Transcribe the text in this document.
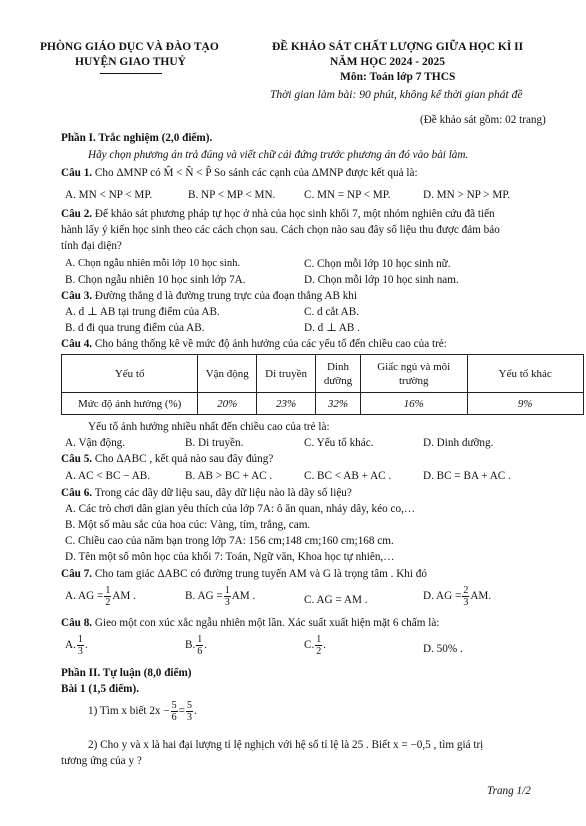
PHÒNG GIÁO DỤC VÀ ĐÀO TẠO
HUYỆN GIAO THUỶ
ĐỀ KHẢO SÁT CHẤT LƯỢNG GIỮA HỌC KÌ II
NĂM HỌC 2024 - 2025
Môn: Toán lớp 7 THCS
Thời gian làm bài: 90 phút, không kể thời gian phát đề
(Đề khảo sát gồm: 02 trang)
Phần I. Trắc nghiệm (2,0 điểm).
Hãy chọn phương án trả đúng và viết chữ cái đứng trước phương án đó vào bài làm.
Câu 1. Cho ΔMNP có M̂ < N̂ < P̂ So sánh các cạnh của ΔMNP được kết quả là:
A. MN < NP < MP.	B. NP < MP < MN.	C. MN = NP < MP.	D. MN > NP > MP.
Câu 2. Để khảo sát phương pháp tự học ở nhà của học sinh khối 7, một nhóm nghiên cứu đã tiến
hành lấy ý kiến học sinh theo các cách chọn sau. Cách chọn nào sau đây số liệu thu được đảm bảo
tính đại diện?
A. Chọn ngẫu nhiên mỗi lớp 10 học sinh.	C. Chọn mỗi lớp 10 học sinh nữ.
B. Chọn ngẫu nhiên 10 học sinh lớp 7A.	D. Chọn mỗi lớp 10 học sinh nam.
Câu 3. Đường thẳng d là đường trung trực của đoạn thẳng AB khi
A. d ⊥ AB tại trung điểm của AB.	C. d cắt AB.
B. d đi qua trung điểm của AB.	D. d ⊥ AB .
Câu 4. Cho bảng thống kê về mức độ ảnh hưởng của các yếu tố đến chiều cao của trẻ:
Yếu tố	Vận động	Di truyền	Dinh dưỡng	Giấc ngủ và môi trường	Yếu tố khác
Mức độ ảnh hưởng (%)	20%	23%	32%	16%	9%
Yếu tố ảnh hưởng nhiều nhất đến chiều cao của trẻ là:
A. Vận động.	B. Di truyền.	C. Yếu tố khác.	D. Dinh dưỡng.
Câu 5. Cho ΔABC , kết quả nào sau đây đúng?
A. AC < BC − AB.	B. AB > BC + AC .	C. BC < AB + AC .	D. BC = BA + AC .
Câu 6. Trong các dãy dữ liệu sau, dãy dữ liệu nào là dãy số liệu?
A. Các trò chơi dân gian yêu thích của lớp 7A: ô ăn quan, nhảy dây, kéo co,…
B. Một số màu sắc của hoa cúc: Vàng, tím, trắng, cam.
C. Chiều cao của năm bạn trong lớp 7A: 156 cm;148 cm;160 cm;168 cm.
D. Tên một số môn học của khối 7: Toán, Ngữ văn, Khoa học tự nhiên,…
Câu 7. Cho tam giác ΔABC có đường trung tuyến AM và G là trọng tâm . Khi đó
A. AG = $\frac{1}{2}$ AM .	B. AG = $\frac{1}{3}$ AM .	C. AG = AM .	D. AG = $\frac{2}{3}$ AM.
Câu 8. Gieo một con xúc xắc ngẫu nhiên một lần. Xác suất xuất hiện mặt 6 chấm là:
A. $\frac{1}{3}$ .	B. $\frac{1}{6}$ .	C. $\frac{1}{2}$ .	D. 50% .
Phần II. Tự luận (8,0 điểm)
Bài 1 (1,5 điểm).
1) Tìm x biết $2x - \frac{5}{6} = \frac{5}{3}$ .
2) Cho y và x là hai đại lượng tỉ lệ nghịch với hệ số tỉ lệ là 25 . Biết x = −0,5 , tìm giá trị
tương ứng của y ?
Trang 1/2
